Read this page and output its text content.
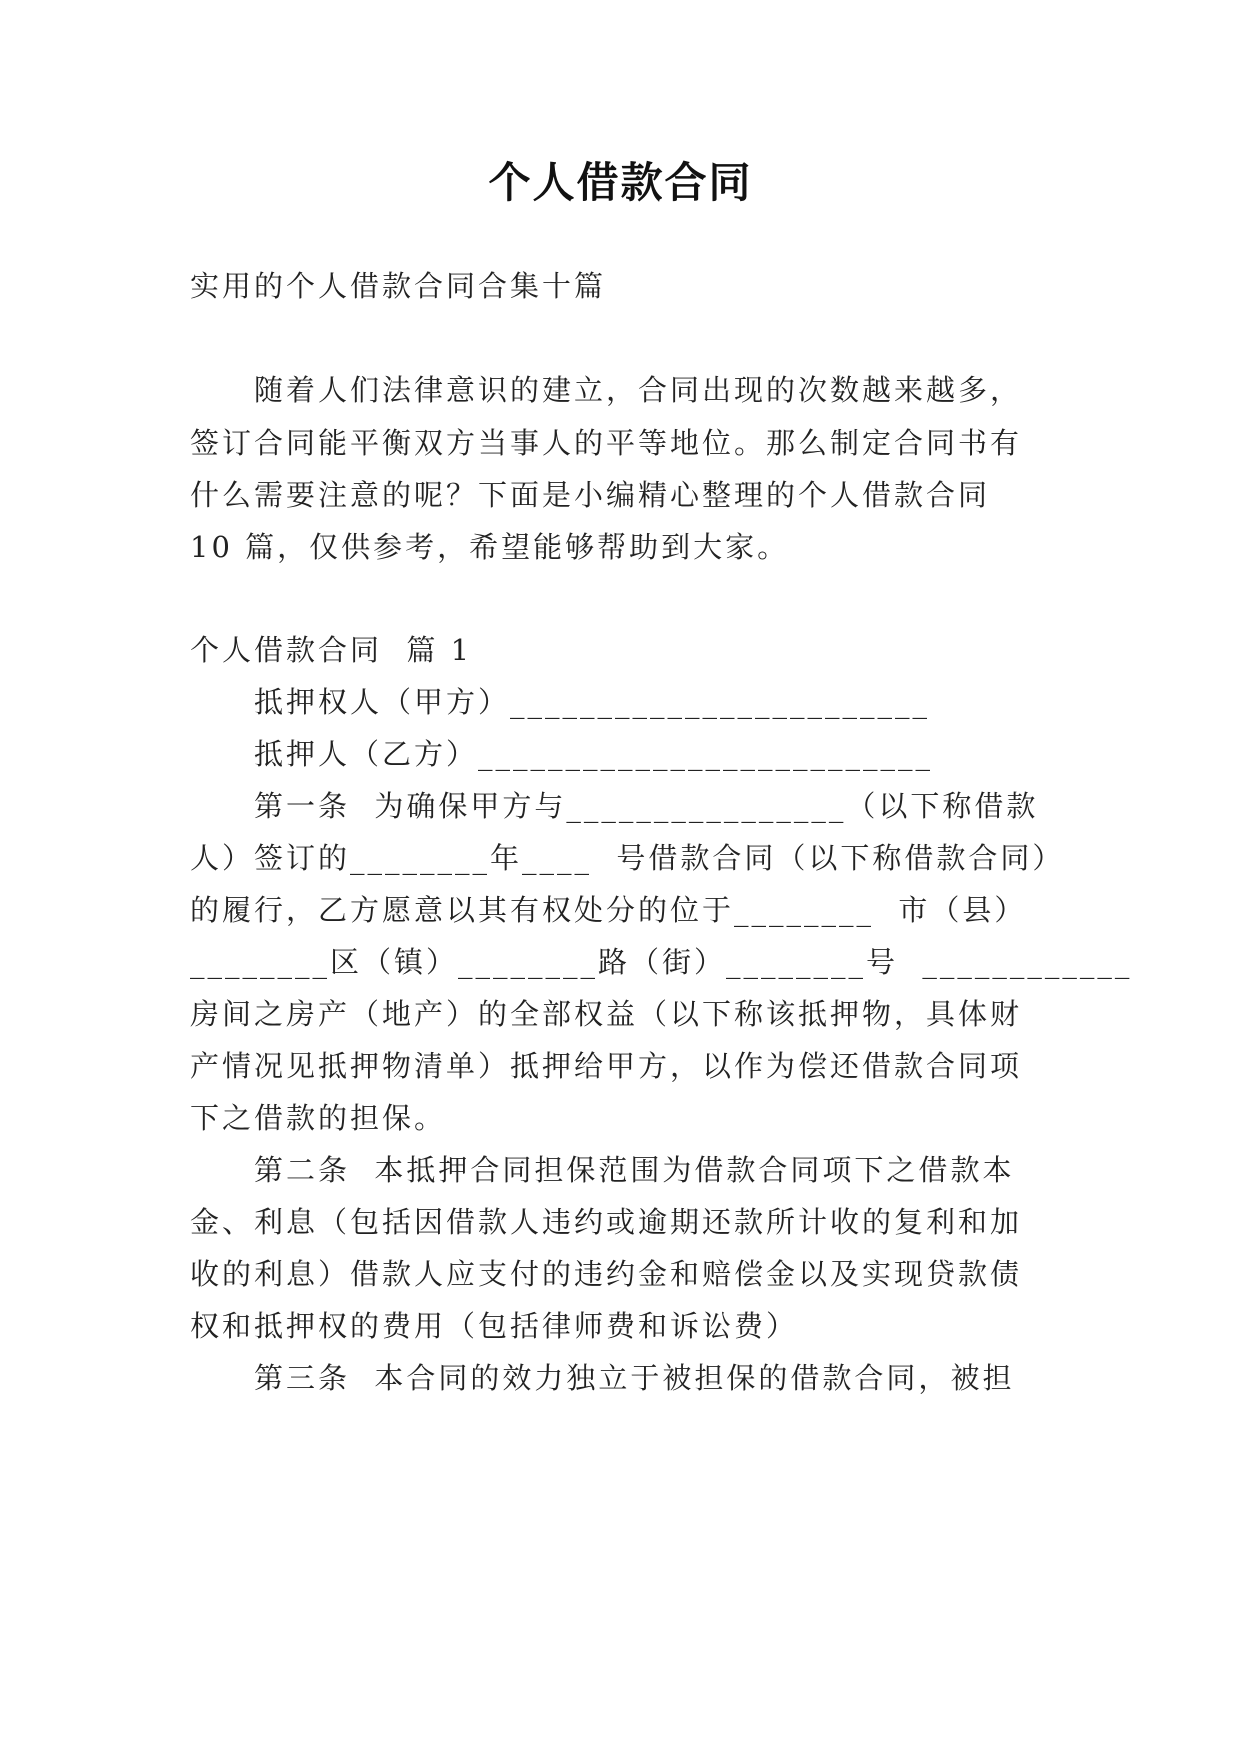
个人借款合同
实用的个人借款合同合集十篇
随着人们法律意识的建立，合同出现的次数越来越多，
签订合同能平衡双方当事人的平等地位。那么制定合同书有
什么需要注意的呢？下面是小编精心整理的个人借款合同
10 篇，仅供参考，希望能够帮助到大家。
个人借款合同  篇 1
抵押权人（甲方）________________________
抵押人（乙方）__________________________
第一条  为确保甲方与________________（以下称借款
人）签订的________年____  号借款合同（以下称借款合同）
的履行，乙方愿意以其有权处分的位于________  市（县）
________区（镇）________路（街）________号  ____________
房间之房产（地产）的全部权益（以下称该抵押物，具体财
产情况见抵押物清单）抵押给甲方，以作为偿还借款合同项
下之借款的担保。
第二条  本抵押合同担保范围为借款合同项下之借款本
金、利息（包括因借款人违约或逾期还款所计收的复利和加
收的利息）借款人应支付的违约金和赔偿金以及实现贷款债
权和抵押权的费用（包括律师费和诉讼费）
第三条  本合同的效力独立于被担保的借款合同，被担
